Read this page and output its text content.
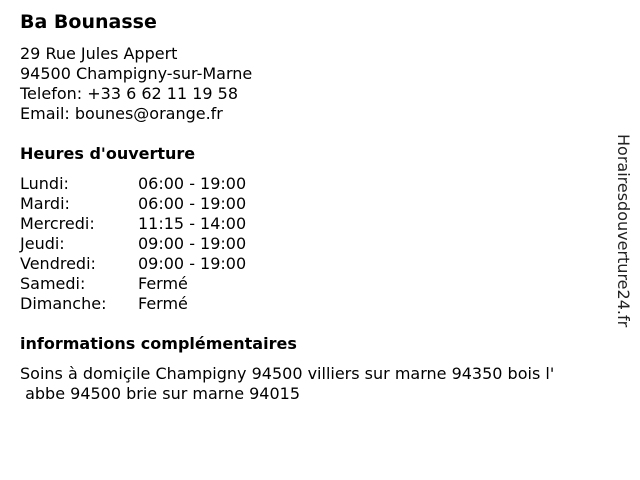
Ba Bounasse
29 Rue Jules Appert
94500 Champigny-sur-Marne
Telefon: +33 6 62 11 19 58
Email: bounes@orange.fr
Heures d'ouverture
Lundi:	06:00 - 19:00
Mardi:	06:00 - 19:00
Mercredi:	11:15 - 14:00
Jeudi:	09:00 - 19:00
Vendredi:	09:00 - 19:00
Samedi:	Fermé
Dimanche: Fermé
informations complémentaires
Soins à domiçile Champigny 94500 villiers sur marne 94350 bois l'
abbe 94500 brie sur marne 94015
Horairesdouverture24.fr
